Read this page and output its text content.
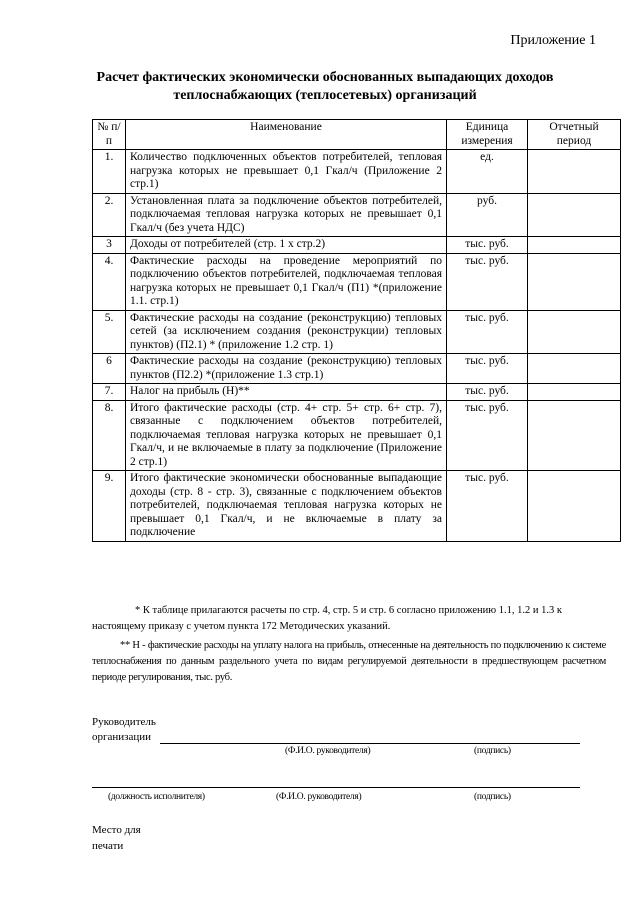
Приложение 1
Расчет фактических экономически обоснованных выпадающих доходов
теплоснабжающих (теплосетевых) организаций
№ п/п	Наименование	Единица измерения	Отчетный период
1.	Количество подключенных объектов потребителей, тепловая нагрузка которых не превышает 0,1 Гкал/ч (Приложение 2 стр.1)	ед.	
2.	Установленная плата за подключение объектов потребителей, подключаемая тепловая нагрузка которых не превышает 0,1 Гкал/ч (без учета НДС)	руб.	
3	Доходы от потребителей (стр. 1 x стр.2)	тыс. руб.	
4.	Фактические расходы на проведение мероприятий по подключению объектов потребителей, подключаемая тепловая нагрузка которых не превышает 0,1 Гкал/ч (П1) *(приложение 1.1. стр.1)	тыс. руб.	
5.	Фактические расходы на создание (реконструкцию) тепловых сетей (за исключением создания (реконструкции) тепловых пунктов) (П2.1) * (приложение 1.2 стр. 1)	тыс. руб.	
6	Фактические расходы на создание (реконструкцию) тепловых пунктов (П2.2) *(приложение 1.3 стр.1)	тыс. руб.	
7.	Налог на прибыль (Н)**	тыс. руб.	
8.	Итого фактические расходы (стр. 4+ стр. 5+ стр. 6+ стр. 7), связанные с подключением объектов потребителей, подключаемая тепловая нагрузка которых не превышает 0,1 Гкал/ч, и не включаемые в плату за подключение (Приложение 2 стр.1)	тыс. руб.	
9.	Итого фактические экономически обоснованные выпадающие доходы (стр. 8 - стр. 3), связанные с подключением объектов потребителей, подключаемая тепловая нагрузка которых не превышает 0,1 Гкал/ч, и не включаемые в плату за подключение	тыс. руб.	
* К таблице прилагаются расчеты по стр. 4, стр. 5 и стр. 6 согласно приложению 1.1, 1.2 и 1.3 к настоящему приказу с учетом пункта 172 Методических указаний.
** Н - фактические расходы на уплату налога на прибыль, отнесенные на деятельность по подключению к системе теплоснабжения по данным раздельного учета по видам регулируемой деятельности в предшествующем расчетном периоде регулирования, тыс. руб.
Руководитель
организации
(Ф.И.О. руководителя)	(подпись)
(должность исполнителя)	(Ф.И.О. руководителя)	(подпись)
Место для
печати
